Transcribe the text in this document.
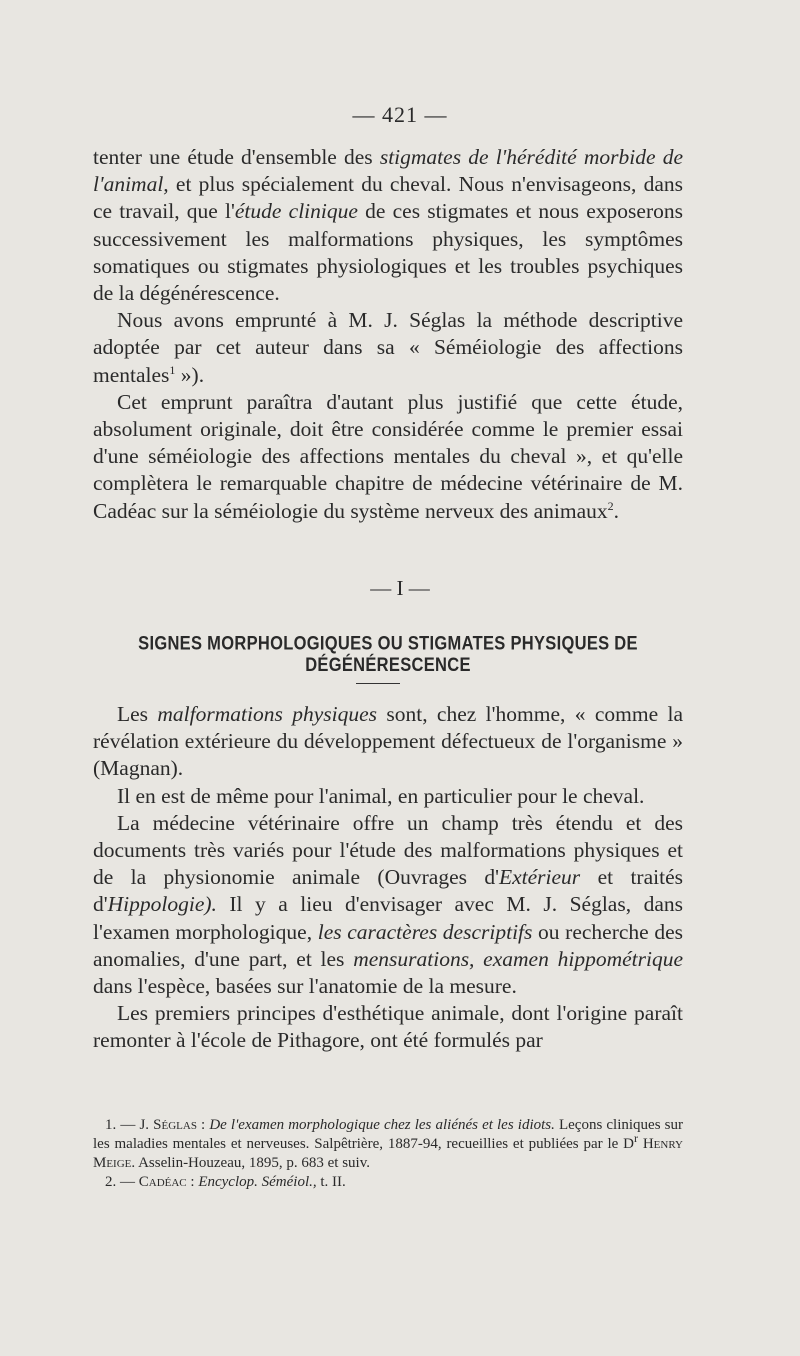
— 421 —

tenter une étude d'ensemble des stigmates de l'hérédité morbide de l'animal, et plus spécialement du cheval. Nous n'envisageons, dans ce travail, que l'étude clinique de ces stigmates et nous exposerons successivement les malformations physiques, les symptômes somatiques ou stigmates physiologiques et les troubles psychiques de la dégénérescence.

Nous avons emprunté à M. J. Séglas la méthode descriptive adoptée par cet auteur dans sa « Séméiologie des affections mentales$^1$ »).

Cet emprunt paraîtra d'autant plus justifié que cette étude, absolument originale, doit être considérée comme le premier essai d'une séméiologie des affections mentales du cheval », et qu'elle complètera le remarquable chapitre de médecine vétérinaire de M. Cadéac sur la séméiologie du système nerveux des animaux$^2$.

— I —
SIGNES MORPHOLOGIQUES OU STIGMATES PHYSIQUES DE DÉGÉNÉRESCENCE

Les malformations physiques sont, chez l'homme, « comme la révélation extérieure du développement défectueux de l'organisme » (Magnan).

Il en est de même pour l'animal, en particulier pour le cheval.

La médecine vétérinaire offre un champ très étendu et des documents très variés pour l'étude des malformations physiques et de la physionomie animale (Ouvrages d'Extérieur et traités d'Hippologie). Il y a lieu d'envisager avec M. J. Séglas, dans l'examen morphologique, les caractères descriptifs ou recherche des anomalies, d'une part, et les mensurations, examen hippométrique dans l'espèce, basées sur l'anatomie de la mesure.

Les premiers principes d'esthétique animale, dont l'origine paraît remonter à l'école de Pithagore, ont été formulés par

1. — J. Séglas : De l'examen morphologique chez les aliénés et les idiots. Leçons cliniques sur les maladies mentales et nerveuses. Salpêtrière, 1887-94, recueillies et publiées par le $D^r$ Henry Meige. Asselin-Houzeau, 1895, p. 683 et suiv.

2. — Cadéac : Encyclop. Séméiol., t. II.
